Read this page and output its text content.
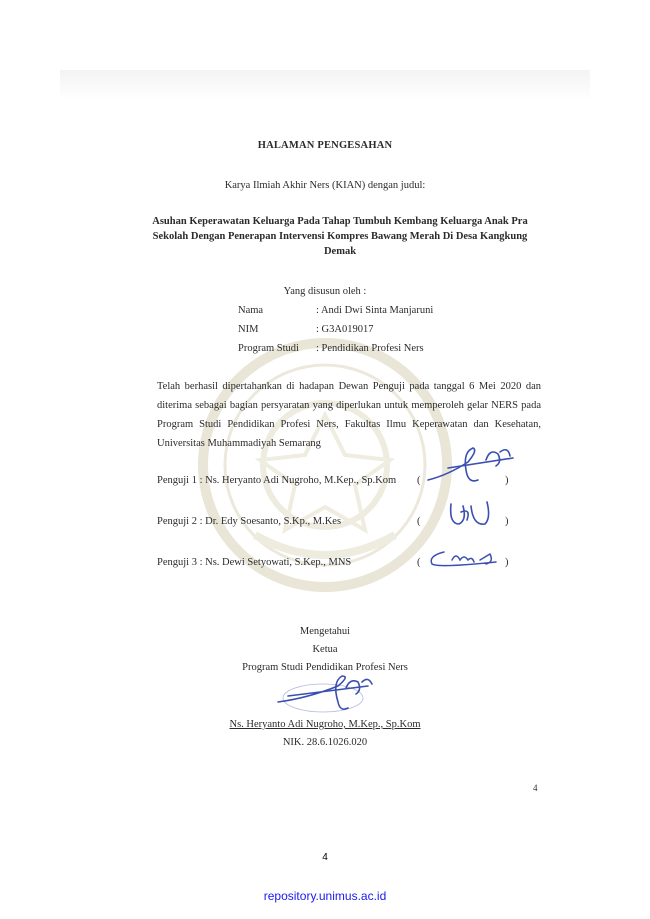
HALAMAN PENGESAHAN
Karya Ilmiah Akhir Ners (KIAN) dengan judul:
Asuhan Keperawatan Keluarga Pada Tahap Tumbuh Kembang Keluarga Anak Pra Sekolah Dengan Penerapan Intervensi Kompres Bawang Merah Di Desa Kangkung Demak
Yang disusun oleh :
Nama	: Andi Dwi Sinta Manjaruni
NIM	: G3A019017
Program Studi : Pendidikan Profesi Ners
Telah berhasil dipertahankan di hadapan Dewan Penguji pada tanggal 6 Mei 2020 dan diterima sebagai bagian persyaratan yang diperlukan untuk memperoleh gelar NERS pada Program Studi Pendidikan Profesi Ners, Fakultas Ilmu Keperawatan dan Kesehatan, Universitas Muhammadiyah Semarang
Penguji 1 : Ns. Heryanto Adi Nugroho, M.Kep., Sp.Kom (	)
Penguji 2 : Dr. Edy Soesanto, S.Kp., M.Kes	(	)
Penguji 3 : Ns. Dewi Setyowati, S.Kep., MNS	(	)
Mengetahui
Ketua
Program Studi Pendidikan Profesi Ners
Ns. Heryanto Adi Nugroho, M.Kep., Sp.Kom
NIK. 28.6.1026.020
4
4
repository.unimus.ac.id
